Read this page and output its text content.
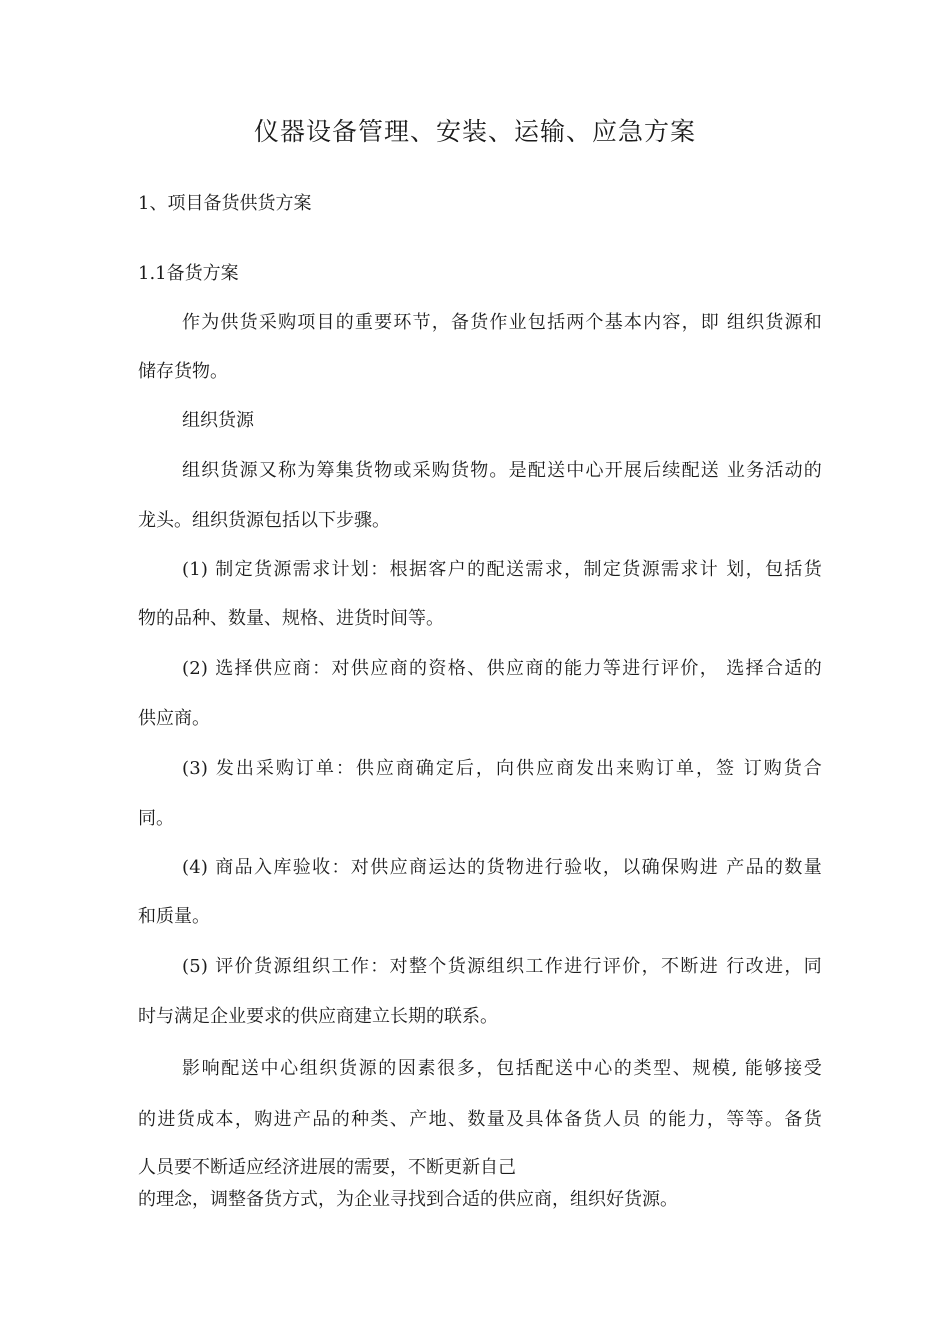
仪器设备管理、安装、运输、应急方案
1、项目备货供货方案
1.1备货方案
作为供货采购项目的重要环节，备货作业包括两个基本内容，即 组织货源和
储存货物。
组织货源
组织货源又称为筹集货物或采购货物。是配送中心开展后续配送 业务活动的
龙头。组织货源包括以下步骤。
(1) 制定货源需求计划：根据客户的配送需求，制定货源需求计 划，包括货
物的品种、数量、规格、进货时间等。
(2) 选择供应商：对供应商的资格、供应商的能力等进行评价， 选择合适的
供应商。
(3) 发出采购订单：供应商确定后，向供应商发出来购订单，签 订购货合
同。
(4) 商品入库验收：对供应商运达的货物进行验收，以确保购进 产品的数量
和质量。
(5) 评价货源组织工作：对整个货源组织工作进行评价，不断进 行改进，同
时与满足企业要求的供应商建立长期的联系。
影响配送中心组织货源的因素很多，包括配送中心的类型、规模, 能够接受
的进货成本，购进产品的种类、产地、数量及具体备货人员 的能力，等等。备货
人员要不断适应经济进展的需要，不断更新自己
的理念，调整备货方式，为企业寻找到合适的供应商，组织好货源。
